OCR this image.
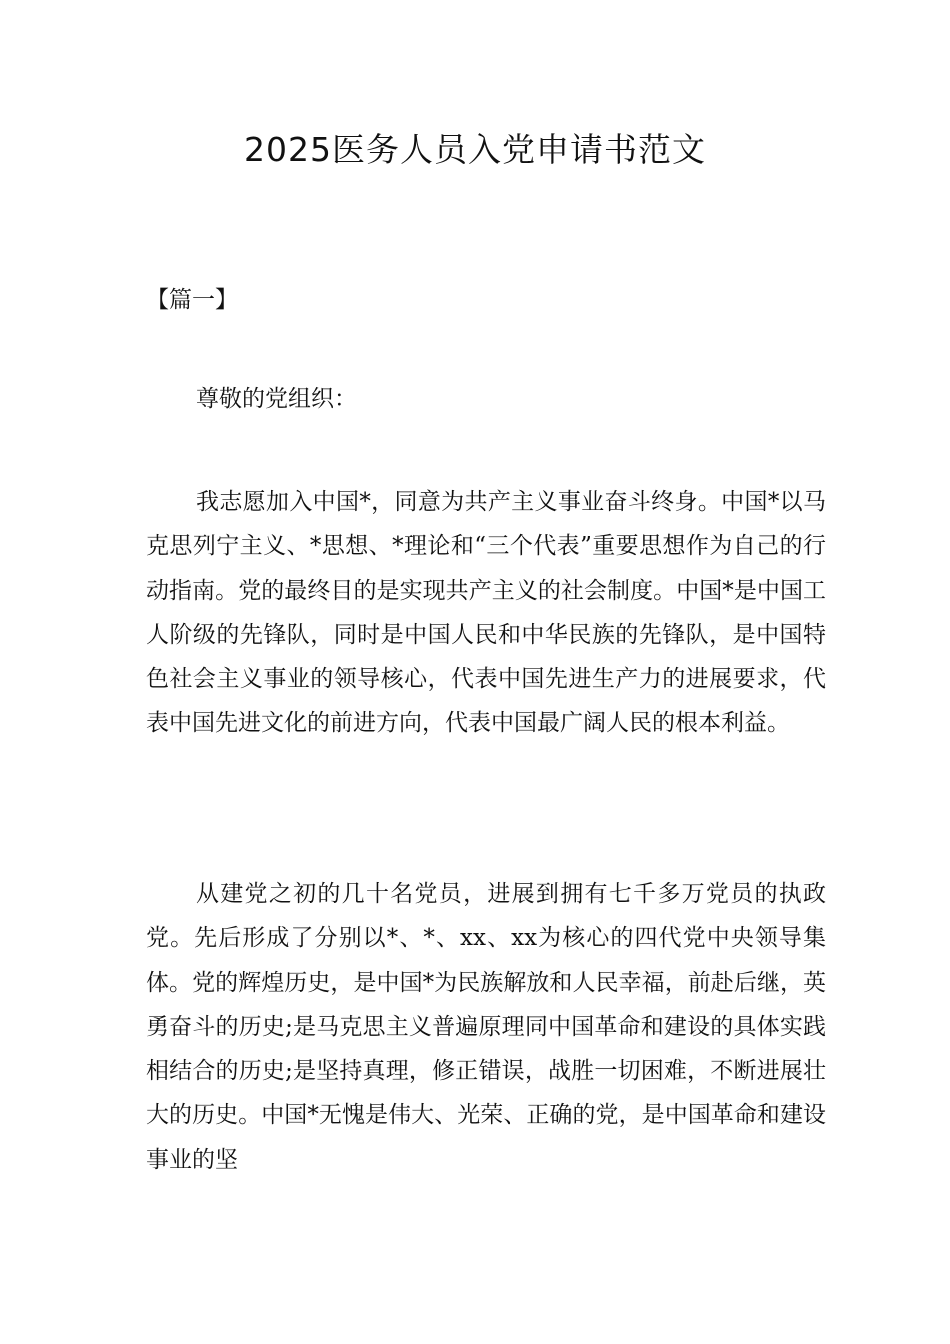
2025医务人员入党申请书范文
【篇一】
尊敬的党组织：

我志愿加入中国*，同意为共产主义事业奋斗终身。中国*以马克思列宁主义、*思想、*理论和“三个代表”重要思想作为自己的行动指南。党的最终目的是实现共产主义的社会制度。中国*是中国工人阶级的先锋队，同时是中国人民和中华民族的先锋队，是中国特色社会主义事业的领导核心，代表中国先进生产力的进展要求，代表中国先进文化的前进方向，代表中国最广阔人民的根本利益。

从建党之初的几十名党员，进展到拥有七千多万党员的执政党。先后形成了分别以*、*、xx、xx为核心的四代党中央领导集体。党的辉煌历史，是中国*为民族解放和人民幸福，前赴后继，英勇奋斗的历史;是马克思主义普遍原理同中国革命和建设的具体实践相结合的历史;是坚持真理，修正错误，战胜一切困难，不断进展壮大的历史。中国*无愧是伟大、光荣、正确的党，是中国革命和建设事业的坚
